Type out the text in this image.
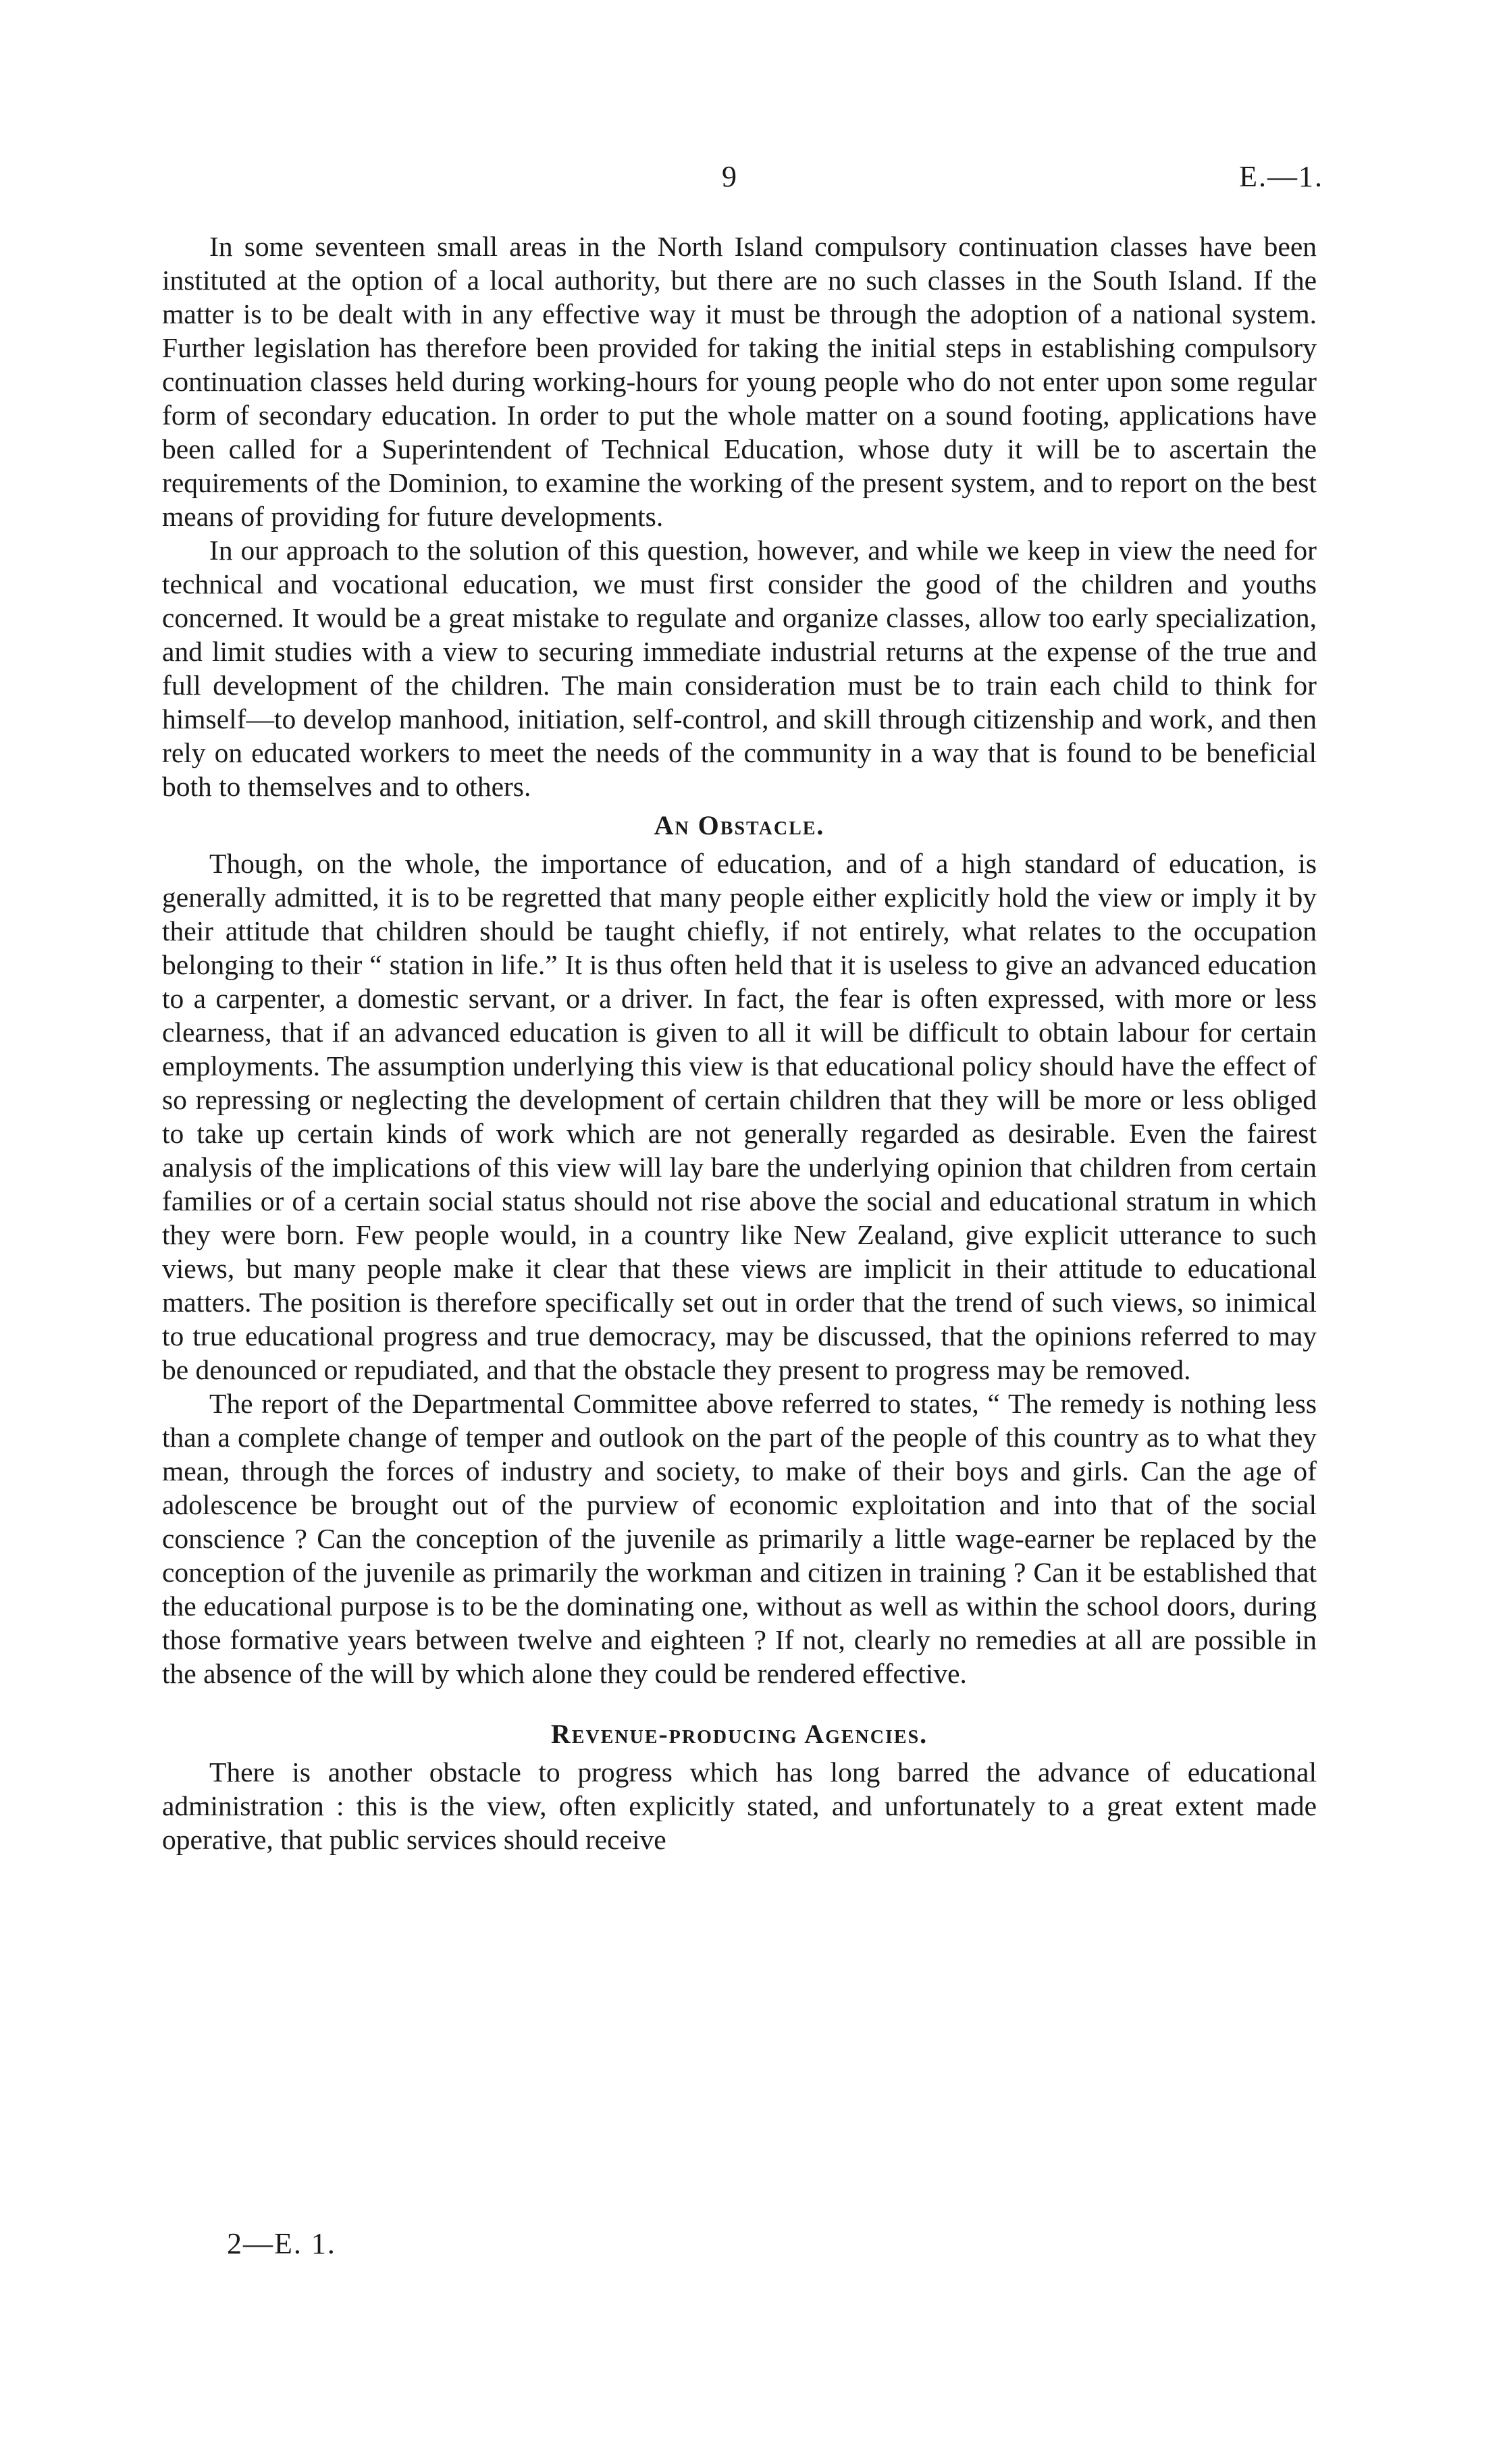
9	E.—1.

In some seventeen small areas in the North Island compulsory continuation classes have been instituted at the option of a local authority, but there are no such classes in the South Island. If the matter is to be dealt with in any effective way it must be through the adoption of a national system. Further legislation has therefore been provided for taking the initial steps in establishing compulsory continuation classes held during working-hours for young people who do not enter upon some regular form of secondary education. In order to put the whole matter on a sound footing, applications have been called for a Superintendent of Technical Education, whose duty it will be to ascertain the requirements of the Dominion, to examine the working of the present system, and to report on the best means of providing for future developments.

In our approach to the solution of this question, however, and while we keep in view the need for technical and vocational education, we must first consider the good of the children and youths concerned. It would be a great mistake to regulate and organize classes, allow too early specialization, and limit studies with a view to securing immediate industrial returns at the expense of the true and full development of the children. The main consideration must be to train each child to think for himself—to develop manhood, initiation, self-control, and skill through citizenship and work, and then rely on educated workers to meet the needs of the community in a way that is found to be beneficial both to themselves and to others.

An Obstacle.

Though, on the whole, the importance of education, and of a high standard of education, is generally admitted, it is to be regretted that many people either explicitly hold the view or imply it by their attitude that children should be taught chiefly, if not entirely, what relates to the occupation belonging to their “ station in life.” It is thus often held that it is useless to give an advanced education to a carpenter, a domestic servant, or a driver. In fact, the fear is often expressed, with more or less clearness, that if an advanced education is given to all it will be difficult to obtain labour for certain employments. The assumption underlying this view is that educational policy should have the effect of so repressing or neglecting the development of certain children that they will be more or less obliged to take up certain kinds of work which are not generally regarded as desirable. Even the fairest analysis of the implications of this view will lay bare the underlying opinion that children from certain families or of a certain social status should not rise above the social and educational stratum in which they were born. Few people would, in a country like New Zealand, give explicit utterance to such views, but many people make it clear that these views are implicit in their attitude to educational matters. The position is therefore specifically set out in order that the trend of such views, so inimical to true educational progress and true democracy, may be discussed, that the opinions referred to may be denounced or repudiated, and that the obstacle they present to progress may be removed.

The report of the Departmental Committee above referred to states, “ The remedy is nothing less than a complete change of temper and outlook on the part of the people of this country as to what they mean, through the forces of industry and society, to make of their boys and girls. Can the age of adolescence be brought out of the purview of economic exploitation and into that of the social conscience ? Can the conception of the juvenile as primarily a little wage-earner be replaced by the conception of the juvenile as primarily the workman and citizen in training ? Can it be established that the educational purpose is to be the dominating one, without as well as within the school doors, during those formative years between twelve and eighteen ? If not, clearly no remedies at all are possible in the absence of the will by which alone they could be rendered effective.

Revenue-producing Agencies.

There is another obstacle to progress which has long barred the advance of educational administration : this is the view, often explicitly stated, and unfortunately to a great extent made operative, that public services should receive

2—E. 1.
